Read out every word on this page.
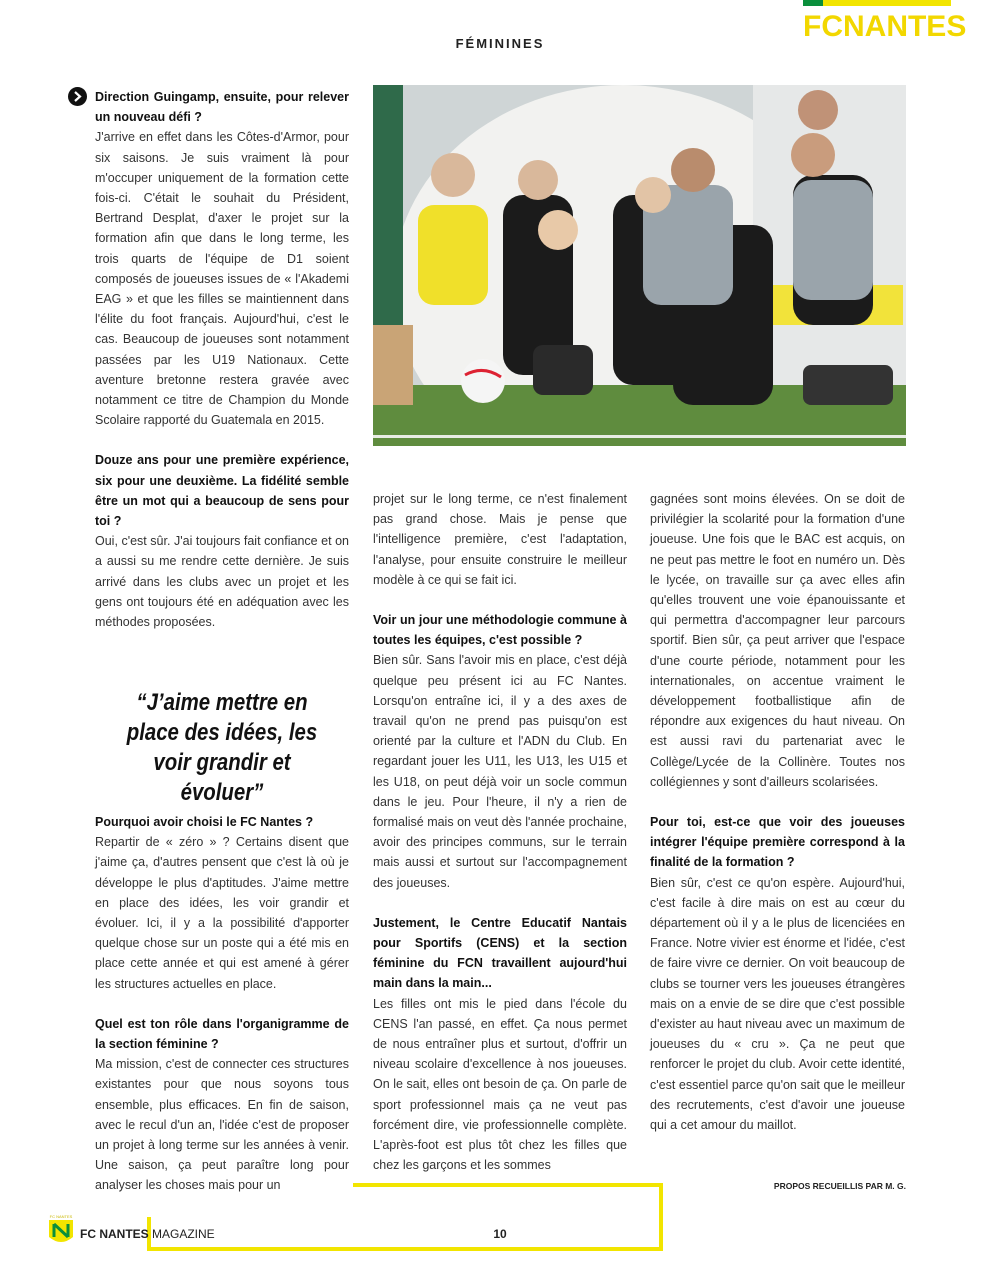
FCNANTES
FÉMININES

Direction Guingamp, ensuite, pour relever un nouveau défi ?

J'arrive en effet dans les Côtes-d'Armor, pour six saisons. Je suis vraiment là pour m'occuper uniquement de la formation cette fois-ci. C'était le souhait du Président, Bertrand Desplat, d'axer le projet sur la formation afin que dans le long terme, les trois quarts de l'équipe de D1 soient composés de joueuses issues de « l'Akademi EAG » et que les filles se maintiennent dans l'élite du foot français. Aujourd'hui, c'est le cas. Beaucoup de joueuses sont notamment passées par les U19 Nationaux. Cette aventure bretonne restera gravée avec notamment ce titre de Champion du Monde Scolaire rapporté du Guatemala en 2015.

Douze ans pour une première expérience, six pour une deuxième. La fidélité semble être un mot qui a beaucoup de sens pour toi ?

Oui, c'est sûr. J'ai toujours fait confiance et on a aussi su me rendre cette dernière. Je suis arrivé dans les clubs avec un projet et les gens ont toujours été en adéquation avec les méthodes proposées.

“J’aime mettre en place des idées, les voir grandir et évoluer”

Pourquoi avoir choisi le FC Nantes ?

Repartir de « zéro » ? Certains disent que j'aime ça, d'autres pensent que c'est là où je développe le plus d'aptitudes. J'aime mettre en place des idées, les voir grandir et évoluer. Ici, il y a la possibilité d'apporter quelque chose sur un poste qui a été mis en place cette année et qui est amené à gérer les structures actuelles en place.

Quel est ton rôle dans l'organigramme de la section féminine ?

Ma mission, c'est de connecter ces structures existantes pour que nous soyons tous ensemble, plus efficaces. En fin de saison, avec le recul d'un an, l'idée c'est de proposer un projet à long terme sur les années à venir. Une saison, ça peut paraître long pour analyser les choses mais pour un

projet sur le long terme, ce n'est finalement pas grand chose. Mais je pense que l'intelligence première, c'est l'adaptation, l'analyse, pour ensuite construire le meilleur modèle à ce qui se fait ici.

Voir un jour une méthodologie commune à toutes les équipes, c'est possible ?

Bien sûr. Sans l'avoir mis en place, c'est déjà quelque peu présent ici au FC Nantes. Lorsqu'on entraîne ici, il y a des axes de travail qu'on ne prend pas puisqu'on est orienté par la culture et l'ADN du Club. En regardant jouer les U11, les U13, les U15 et les U18, on peut déjà voir un socle commun dans le jeu. Pour l'heure, il n'y a rien de formalisé mais on veut dès l'année prochaine, avoir des principes communs, sur le terrain mais aussi et surtout sur l'accompagnement des joueuses.

Justement, le Centre Educatif Nantais pour Sportifs (CENS) et la section féminine du FCN travaillent aujourd'hui main dans la main...

Les filles ont mis le pied dans l'école du CENS l'an passé, en effet. Ça nous permet de nous entraîner plus et surtout, d'offrir un niveau scolaire d'excellence à nos joueuses. On le sait, elles ont besoin de ça. On parle de sport professionnel mais ça ne veut pas forcément dire, vie professionnelle complète. L'après-foot est plus tôt chez les filles que chez les garçons et les sommes

gagnées sont moins élevées. On se doit de privilégier la scolarité pour la formation d'une joueuse. Une fois que le BAC est acquis, on ne peut pas mettre le foot en numéro un. Dès le lycée, on travaille sur ça avec elles afin qu'elles trouvent une voie épanouissante et qui permettra d'accompagner leur parcours sportif. Bien sûr, ça peut arriver que l'espace d'une courte période, notamment pour les internationales, on accentue vraiment le développement footballistique afin de répondre aux exigences du haut niveau. On est aussi ravi du partenariat avec le Collège/Lycée de la Collinère. Toutes nos collégiennes y sont d'ailleurs scolarisées.

Pour toi, est-ce que voir des joueuses intégrer l'équipe première correspond à la finalité de la formation ?

Bien sûr, c'est ce qu'on espère. Aujourd'hui, c'est facile à dire mais on est au cœur du département où il y a le plus de licenciées en France. Notre vivier est énorme et l'idée, c'est de faire vivre ce dernier. On voit beaucoup de clubs se tourner vers les joueuses étrangères mais on a envie de se dire que c'est possible d'exister au haut niveau avec un maximum de joueuses du « cru ». Ça ne peut que renforcer le projet du club. Avoir cette identité, c'est essentiel parce qu'on sait que le meilleur des recrutements, c'est d'avoir une joueuse qui a cet amour du maillot.

PROPOS RECUEILLIS PAR M. G.
FC NANTES
FC NANTES MAGAZINE	10
